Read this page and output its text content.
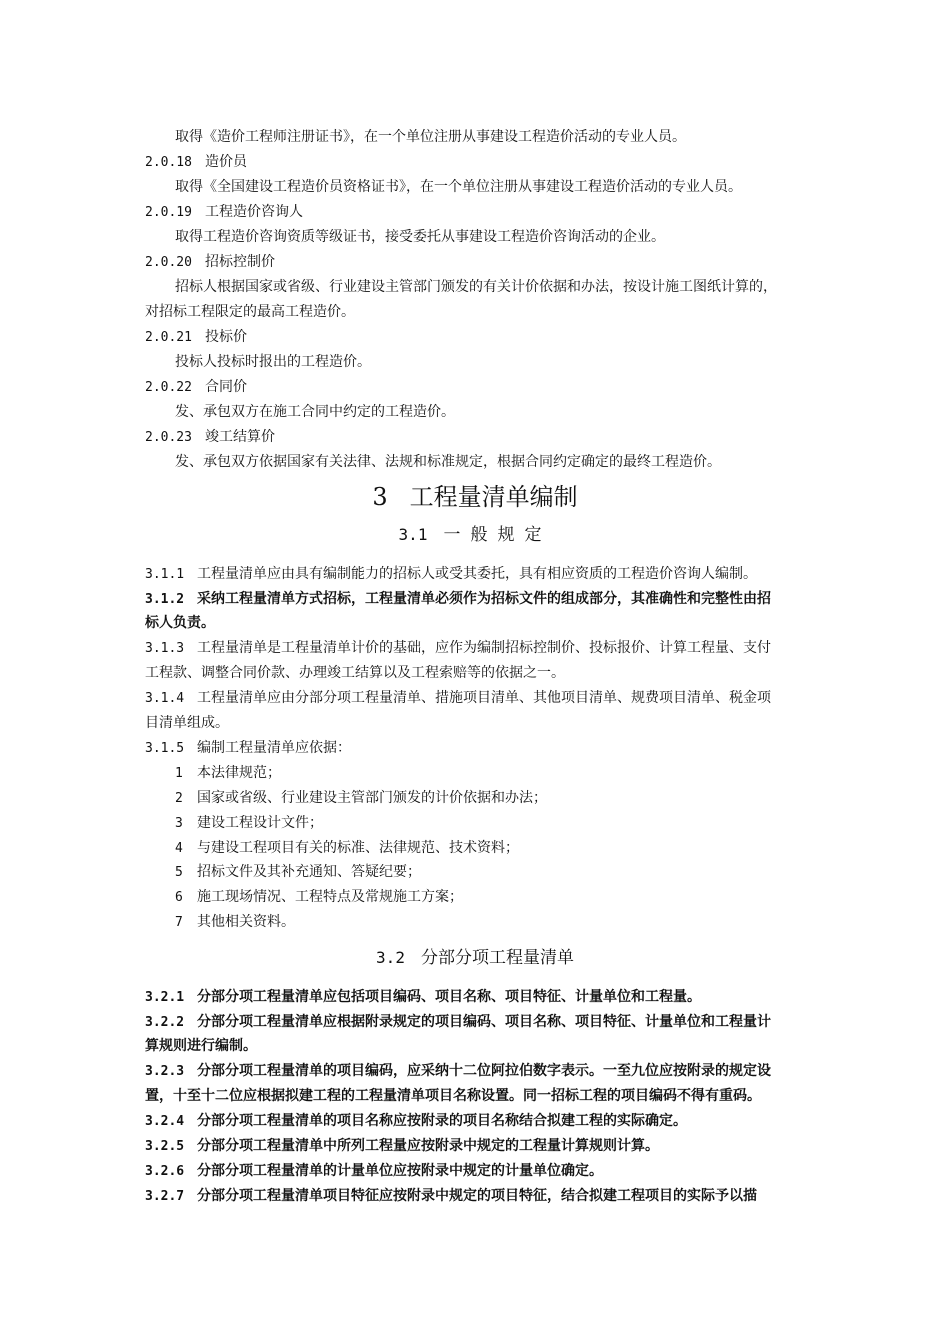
取得《造价工程师注册证书》，在一个单位注册从事建设工程造价活动的专业人员。
2.0.18 造价员
取得《全国建设工程造价员资格证书》，在一个单位注册从事建设工程造价活动的专业人员。
2.0.19 工程造价咨询人
取得工程造价咨询资质等级证书，接受委托从事建设工程造价咨询活动的企业。
2.0.20 招标控制价
招标人根据国家或省级、行业建设主管部门颁发的有关计价依据和办法，按设计施工图纸计算的，
对招标工程限定的最高工程造价。
2.0.21 投标价
投标人投标时报出的工程造价。
2.0.22 合同价
发、承包双方在施工合同中约定的工程造价。
2.0.23 竣工结算价
发、承包双方依据国家有关法律、法规和标准规定，根据合同约定确定的最终工程造价。
3 工程量清单编制
3.1 一般规定
3.1.1 工程量清单应由具有编制能力的招标人或受其委托，具有相应资质的工程造价咨询人编制。
3.1.2 采纳工程量清单方式招标，工程量清单必须作为招标文件的组成部分，其准确性和完整性由招
标人负责。
3.1.3 工程量清单是工程量清单计价的基础，应作为编制招标控制价、投标报价、计算工程量、支付
工程款、调整合同价款、办理竣工结算以及工程索赔等的依据之一。
3.1.4 工程量清单应由分部分项工程量清单、措施项目清单、其他项目清单、规费项目清单、税金项
目清单组成。
3.1.5 编制工程量清单应依据：
1 本法律规范；
2 国家或省级、行业建设主管部门颁发的计价依据和办法；
3 建设工程设计文件；
4 与建设工程项目有关的标准、法律规范、技术资料；
5 招标文件及其补充通知、答疑纪要；
6 施工现场情况、工程特点及常规施工方案；
7 其他相关资料。
3.2 分部分项工程量清单
3.2.1 分部分项工程量清单应包括项目编码、项目名称、项目特征、计量单位和工程量。
3.2.2 分部分项工程量清单应根据附录规定的项目编码、项目名称、项目特征、计量单位和工程量计
算规则进行编制。
3.2.3 分部分项工程量清单的项目编码，应采纳十二位阿拉伯数字表示。一至九位应按附录的规定设
置，十至十二位应根据拟建工程的工程量清单项目名称设置。同一招标工程的项目编码不得有重码。
3.2.4 分部分项工程量清单的项目名称应按附录的项目名称结合拟建工程的实际确定。
3.2.5 分部分项工程量清单中所列工程量应按附录中规定的工程量计算规则计算。
3.2.6 分部分项工程量清单的计量单位应按附录中规定的计量单位确定。
3.2.7 分部分项工程量清单项目特征应按附录中规定的项目特征，结合拟建工程项目的实际予以描
